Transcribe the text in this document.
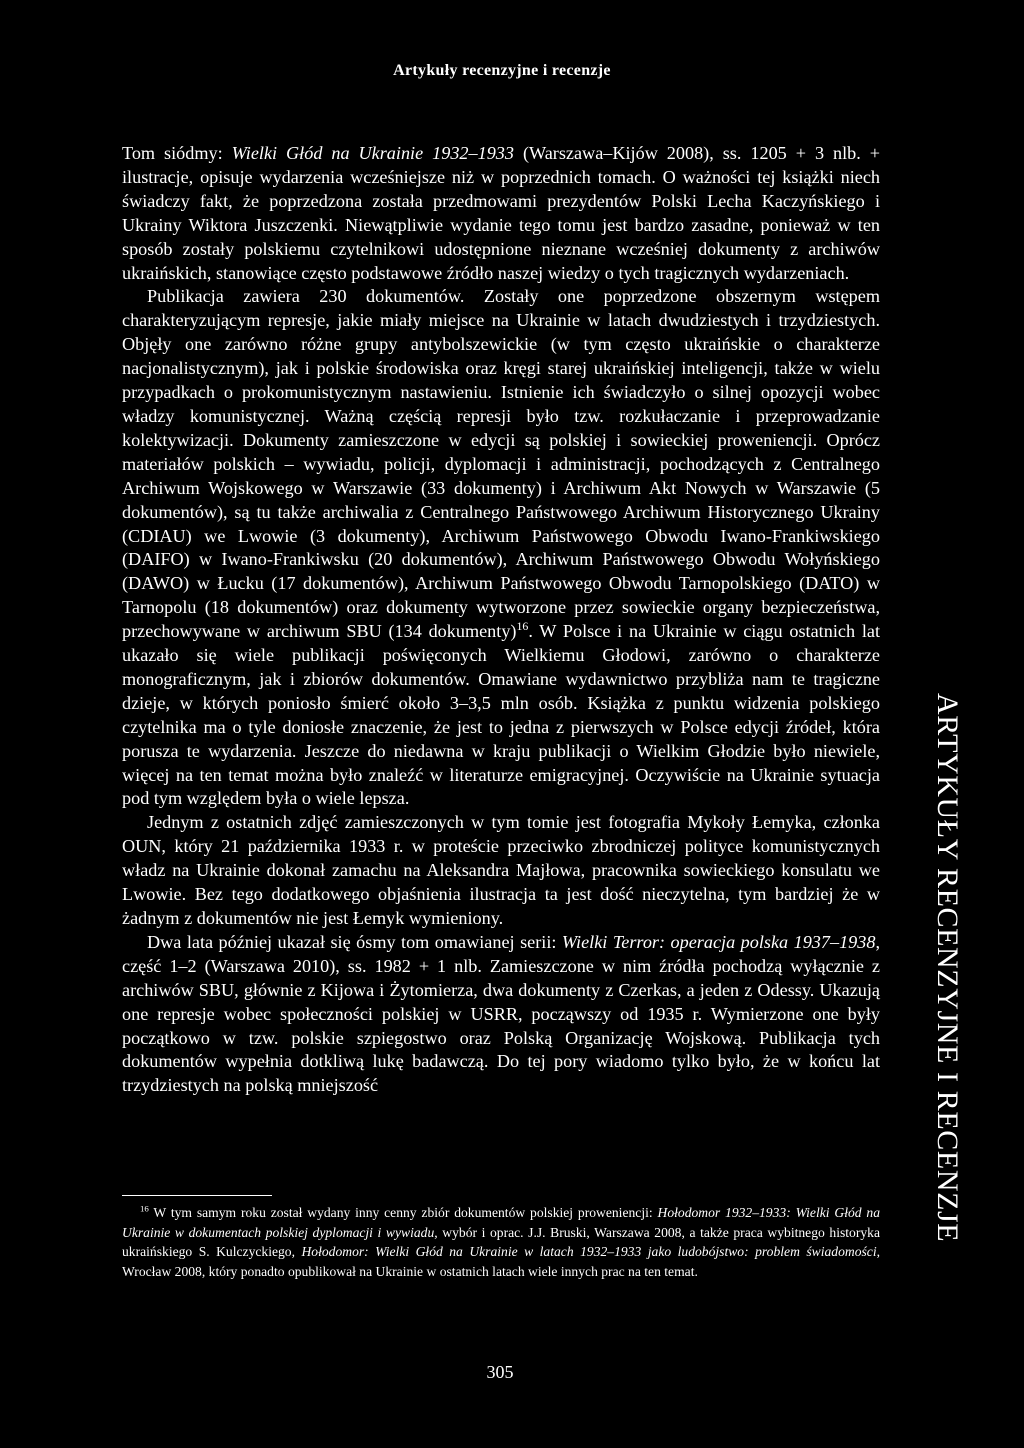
Artykuły recenzyjne i recenzje

Tom siódmy: Wielki Głód na Ukrainie 1932–1933 (Warszawa–Kijów 2008), ss. 1205 + 3 nlb. + ilustracje, opisuje wydarzenia wcześniejsze niż w poprzednich tomach. O ważności tej książki niech świadczy fakt, że poprzedzona została przedmowami prezydentów Polski Lecha Kaczyńskiego i Ukrainy Wiktora Juszczenki. Niewątpliwie wydanie tego tomu jest bardzo zasadne, ponieważ w ten sposób zostały polskiemu czytelnikowi udostępnione nieznane wcześniej dokumenty z archiwów ukraińskich, stanowiące często podstawowe źródło naszej wiedzy o tych tragicznych wydarzeniach.

Publikacja zawiera 230 dokumentów. Zostały one poprzedzone obszernym wstępem charakteryzującym represje, jakie miały miejsce na Ukrainie w latach dwudziestych i trzydziestych. Objęły one zarówno różne grupy antybolszewickie (w tym często ukraińskie o charakterze nacjonalistycznym), jak i polskie środowiska oraz kręgi starej ukraińskiej inteligencji, także w wielu przypadkach o prokomunistycznym nastawieniu. Istnienie ich świadczyło o silnej opozycji wobec władzy komunistycznej. Ważną częścią represji było tzw. rozkułaczanie i przeprowadzanie kolektywizacji. Dokumenty zamieszczone w edycji są polskiej i sowieckiej proweniencji. Oprócz materiałów polskich – wywiadu, policji, dyplomacji i administracji, pochodzących z Centralnego Archiwum Wojskowego w Warszawie (33 dokumenty) i Archiwum Akt Nowych w Warszawie (5 dokumentów), są tu także archiwalia z Centralnego Państwowego Archiwum Historycznego Ukrainy (CDIAU) we Lwowie (3 dokumenty), Archiwum Państwowego Obwodu Iwano-Frankiwskiego (DAIFO) w Iwano-Frankiwsku (20 dokumentów), Archiwum Państwowego Obwodu Wołyńskiego (DAWO) w Łucku (17 dokumentów), Archiwum Państwowego Obwodu Tarnopolskiego (DATO) w Tarnopolu (18 dokumentów) oraz dokumenty wytworzone przez sowieckie organy bezpieczeństwa, przechowywane w archiwum SBU (134 dokumenty)$^{16}$. W Polsce i na Ukrainie w ciągu ostatnich lat ukazało się wiele publikacji poświęconych Wielkiemu Głodowi, zarówno o charakterze monograficznym, jak i zbiorów dokumentów. Omawiane wydawnictwo przybliża nam te tragiczne dzieje, w których poniosło śmierć około 3–3,5 mln osób. Książka z punktu widzenia polskiego czytelnika ma o tyle doniosłe znaczenie, że jest to jedna z pierwszych w Polsce edycji źródeł, która porusza te wydarzenia. Jeszcze do niedawna w kraju publikacji o Wielkim Głodzie było niewiele, więcej na ten temat można było znaleźć w literaturze emigracyjnej. Oczywiście na Ukrainie sytuacja pod tym względem była o wiele lepsza.

Jednym z ostatnich zdjęć zamieszczonych w tym tomie jest fotografia Mykoły Łemyka, członka OUN, który 21 października 1933 r. w proteście przeciwko zbrodniczej polityce komunistycznych władz na Ukrainie dokonał zamachu na Aleksandra Majłowa, pracownika sowieckiego konsulatu we Lwowie. Bez tego dodatkowego objaśnienia ilustracja ta jest dość nieczytelna, tym bardziej że w żadnym z dokumentów nie jest Łemyk wymieniony.

Dwa lata później ukazał się ósmy tom omawianej serii: Wielki Terror: operacja polska 1937–1938, część 1–2 (Warszawa 2010), ss. 1982 + 1 nlb. Zamieszczone w nim źródła pochodzą wyłącznie z archiwów SBU, głównie z Kijowa i Żytomierza, dwa dokumenty z Czerkas, a jeden z Odessy. Ukazują one represje wobec społeczności polskiej w USRR, począwszy od 1935 r. Wymierzone one były początkowo w tzw. polskie szpiegostwo oraz Polską Organizację Wojskową. Publikacja tych dokumentów wypełnia dotkliwą lukę badawczą. Do tej pory wiadomo tylko było, że w końcu lat trzydziestych na polską mniejszość

$^{16}$ W tym samym roku został wydany inny cenny zbiór dokumentów polskiej proweniencji: Hołodomor 1932–1933: Wielki Głód na Ukrainie w dokumentach polskiej dyplomacji i wywiadu, wybór i oprac. J.J. Bruski, Warszawa 2008, a także praca wybitnego historyka ukraińskiego S. Kulczyckiego, Hołodomor: Wielki Głód na Ukrainie w latach 1932–1933 jako ludobójstwo: problem świadomości, Wrocław 2008, który ponadto opublikował na Ukrainie w ostatnich latach wiele innych prac na ten temat.

305
ARTYKUŁY RECENZYJNE I RECENZJE
